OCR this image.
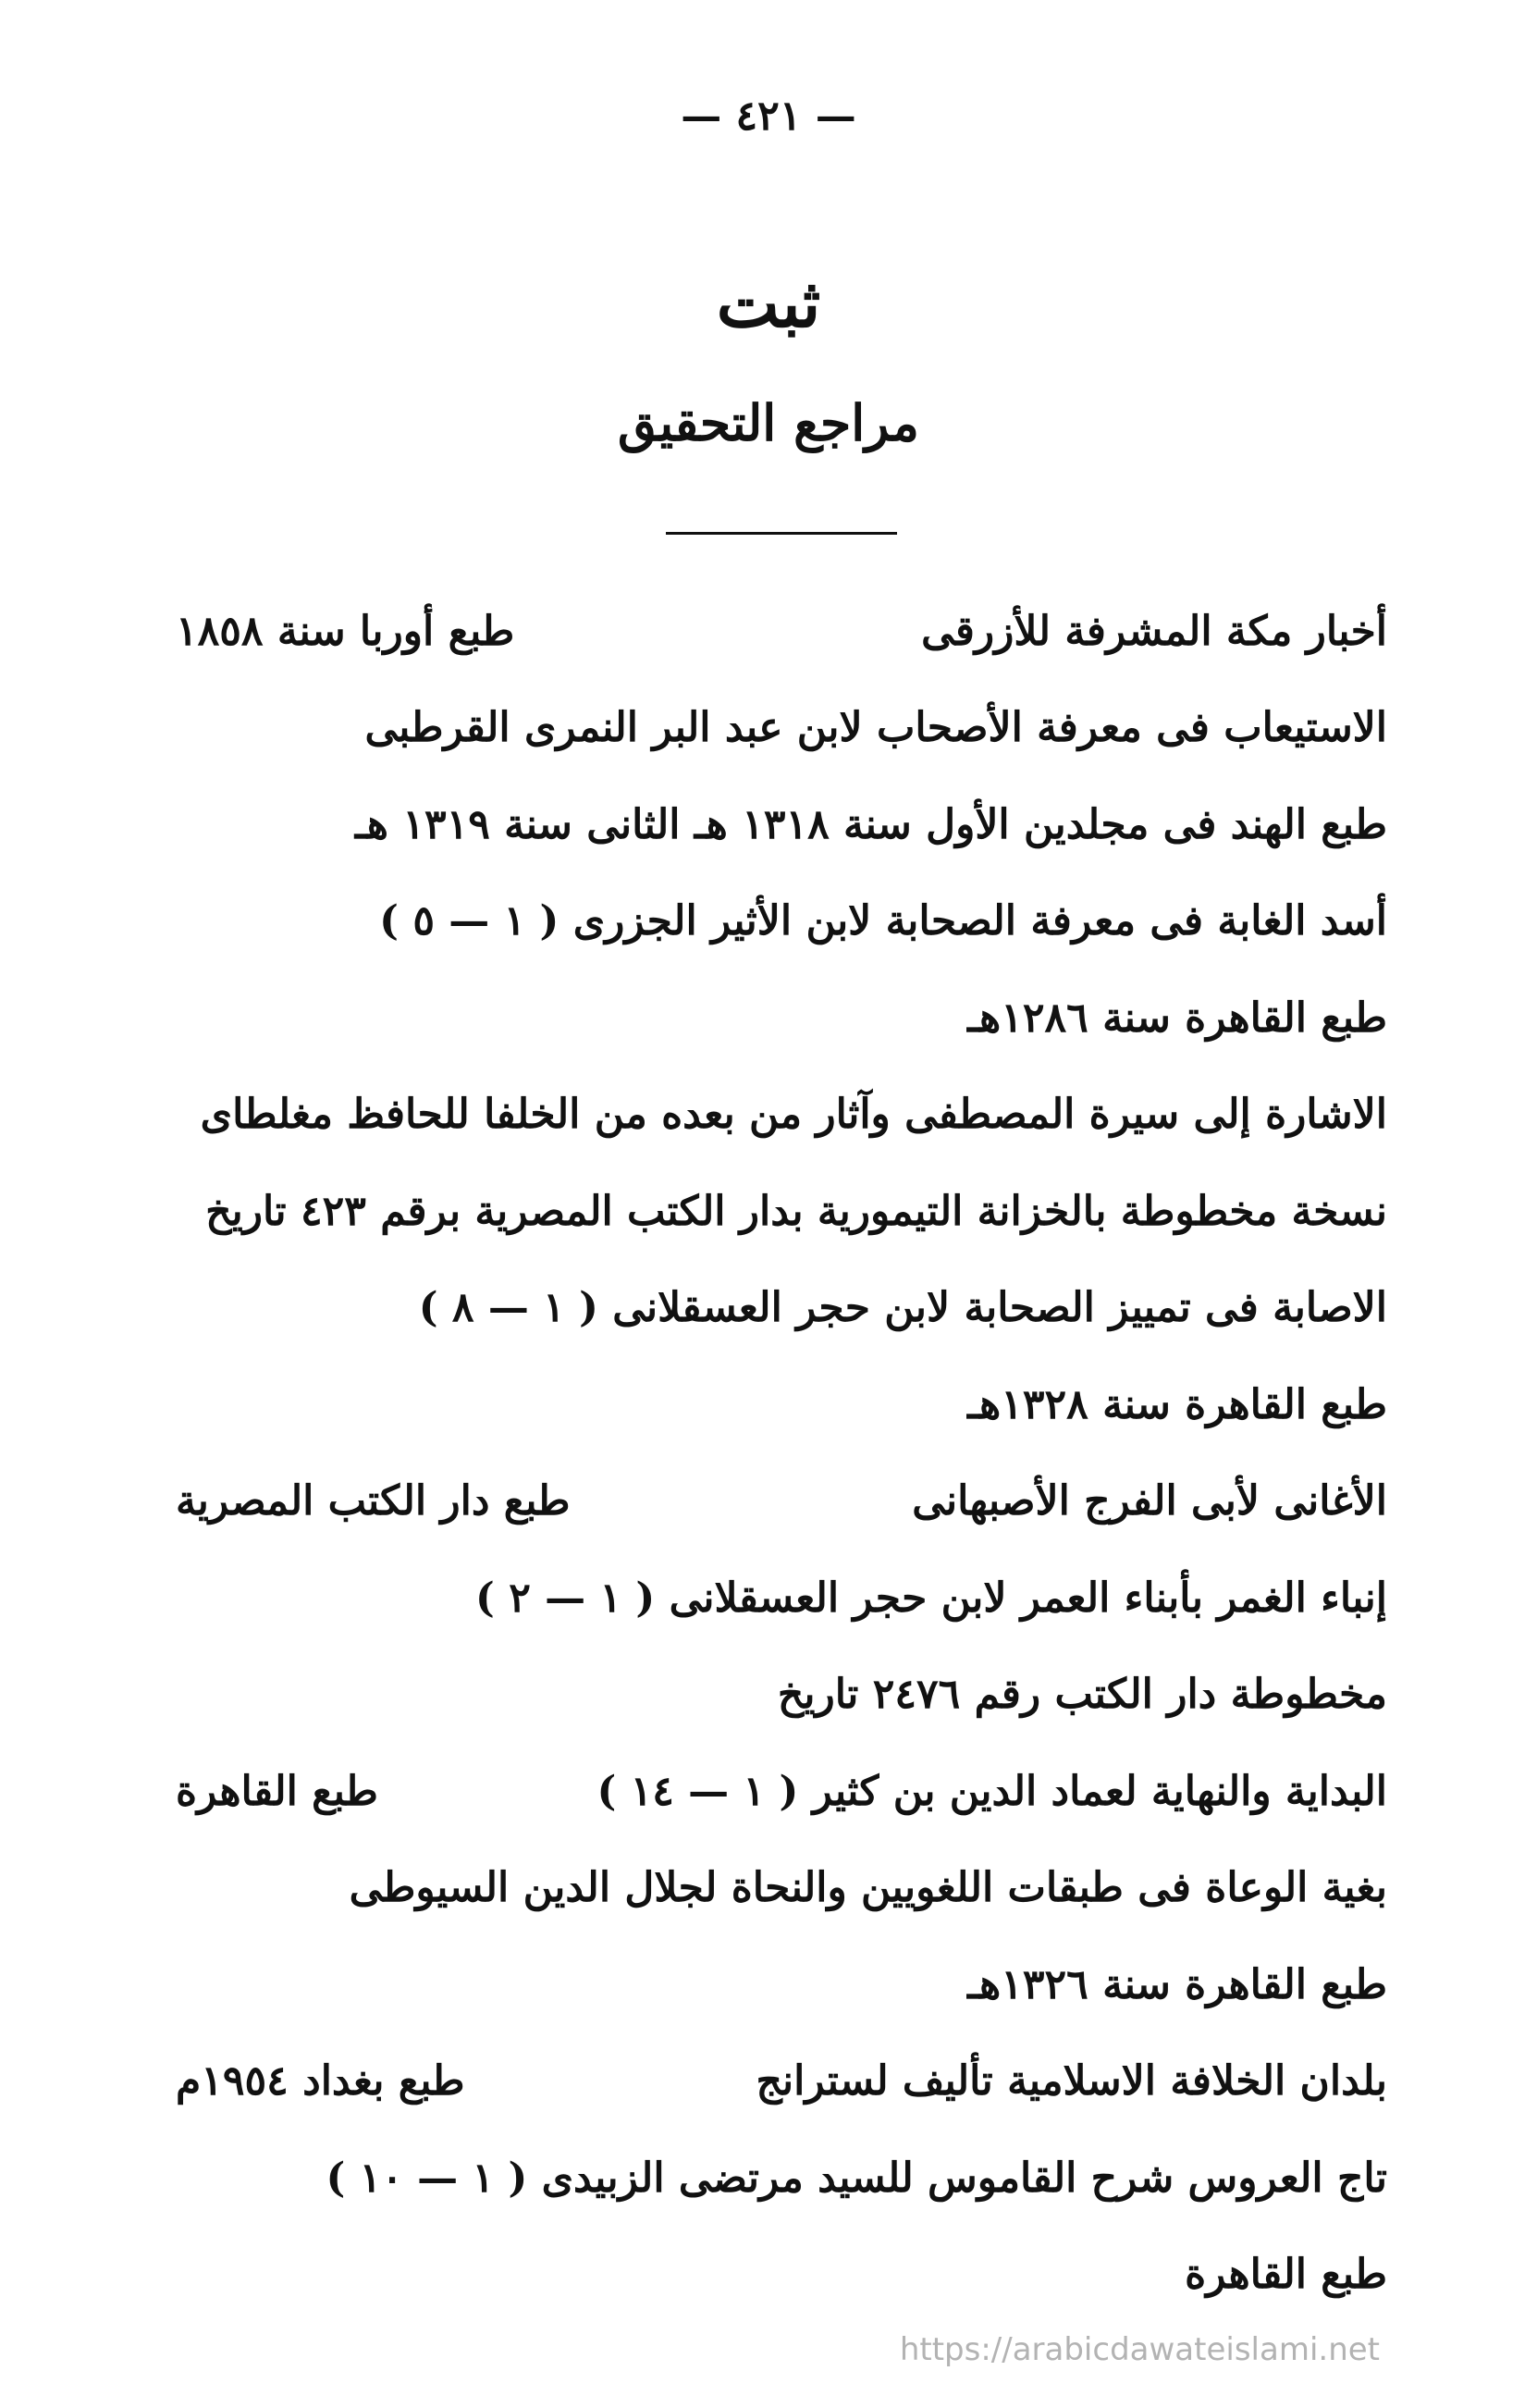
— ٤٢١ —
ثبت
مراجع التحقيق
أخبار مكة المشرفة للأزرقى
طبع أوربا سنة ١٨٥٨
الاستيعاب فى معرفة الأصحاب لابن عبد البر النمرى القرطبى
طبع الهند فى مجلدين الأول سنة ١٣١٨ هـ الثانى سنة ١٣١٩ هـ
أسد الغابة فى معرفة الصحابة لابن الأثير الجزرى ( ١ — ٥ )
طبع القاهرة سنة ١٢٨٦هـ
الاشارة إلى سيرة المصطفى وآثار من بعده من الخلفا للحافظ مغلطاى
نسخة مخطوطة بالخزانة التيمورية بدار الكتب المصرية برقم ٤٢٣ تاريخ
الاصابة فى تمييز الصحابة لابن حجر العسقلانى ( ١ — ٨ )
طبع القاهرة سنة ١٣٢٨هـ
الأغانى لأبى الفرج الأصبهانى
طبع دار الكتب المصرية
إنباء الغمر بأبناء العمر لابن حجر العسقلانى ( ١ — ٢ )
مخطوطة دار الكتب رقم ٢٤٧٦ تاريخ
البداية والنهاية لعماد الدين بن كثير ( ١ — ١٤ )
طبع القاهرة
بغية الوعاة فى طبقات اللغويين والنحاة لجلال الدين السيوطى
طبع القاهرة سنة ١٣٢٦هـ
بلدان الخلافة الاسلامية تأليف لسترانج
طبع بغداد ١٩٥٤م
تاج العروس شرح القاموس للسيد مرتضى الزبيدى ( ١ — ١٠ )
طبع القاهرة
https://arabicdawateislami.net
